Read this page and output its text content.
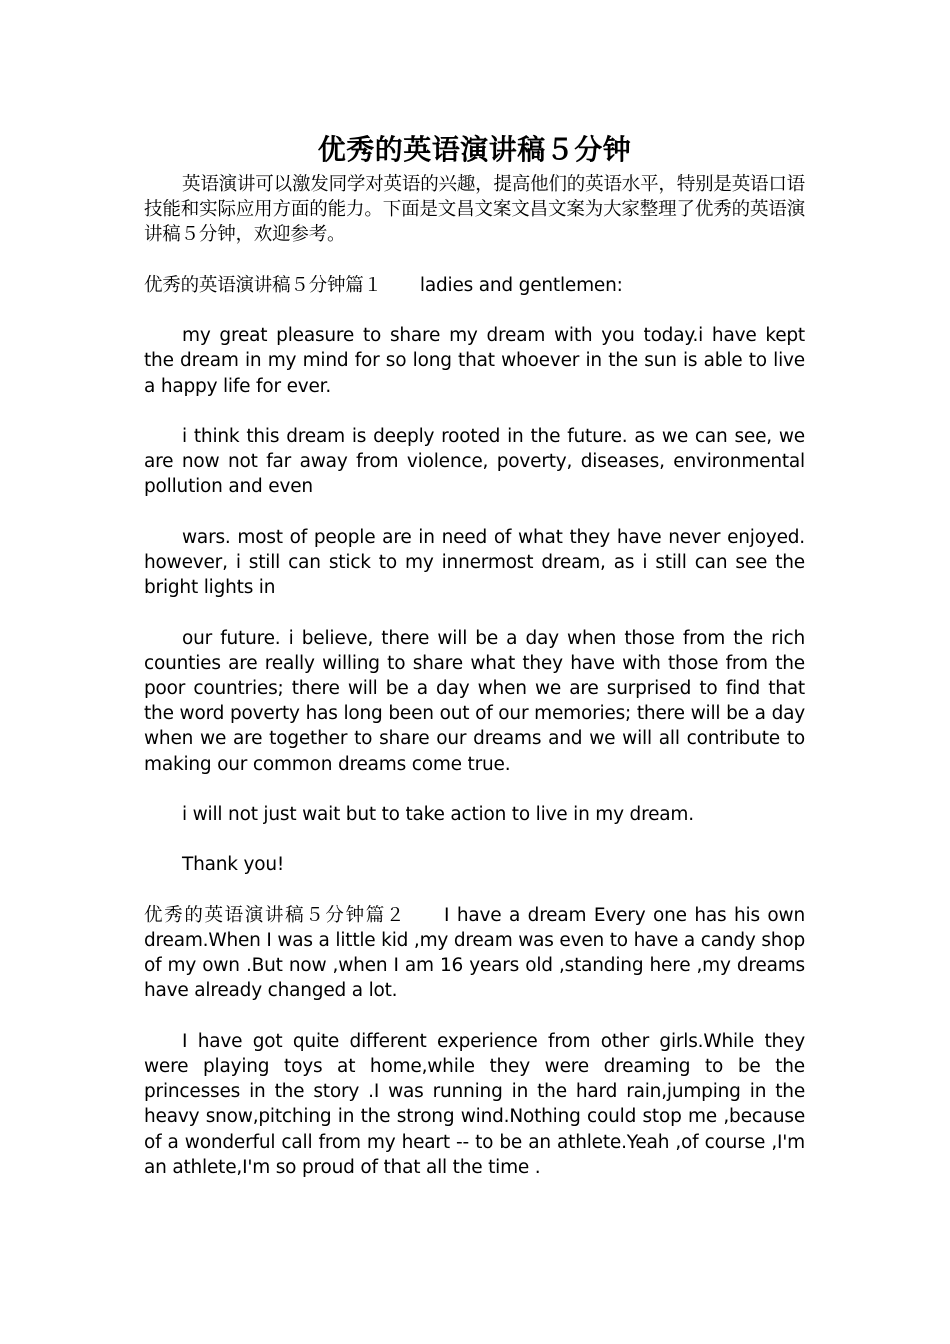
优秀的英语演讲稿５分钟

英语演讲可以激发同学对英语的兴趣，提高他们的英语水平，特别是英语口语技能和实际应用方面的能力。下面是文昌文案文昌文案为大家整理了优秀的英语演讲稿５分钟，欢迎参考。

优秀的英语演讲稿５分钟篇１ ladies and gentlemen:

my great pleasure to share my dream with you today.i have kept the dream in my mind for so long that whoever in the sun is able to live a happy life for ever.

i think this dream is deeply rooted in the future. as we can see, we are now not far away from violence, poverty, diseases, environmental pollution and even

wars. most of people are in need of what they have never enjoyed. however, i still can stick to my innermost dream, as i still can see the bright lights in

our future. i believe, there will be a day when those from the rich counties are really willing to share what they have with those from the poor countries; there will be a day when we are surprised to find that the word poverty has long been out of our memories; there will be a day when we are together to share our dreams and we will all contribute to making our common dreams come true.

i will not just wait but to take action to live in my dream.

Thank you!

优秀的英语演讲稿５分钟篇２ I have a dream Every one has his own dream.When I was a little kid ,my dream was even to have a candy shop of my own .But now ,when I am 16 years old ,standing here ,my dreams have already changed a lot.

I have got quite different experience from other girls.While they were playing toys at home,while they were dreaming to be the princesses in the story .I was running in the hard rain,jumping in the heavy snow,pitching in the strong wind.Nothing could stop me ,because of a wonderful call from my heart -- to be an athlete.Yeah ,of course ,I'm an athlete,I'm so proud of that all the time .
